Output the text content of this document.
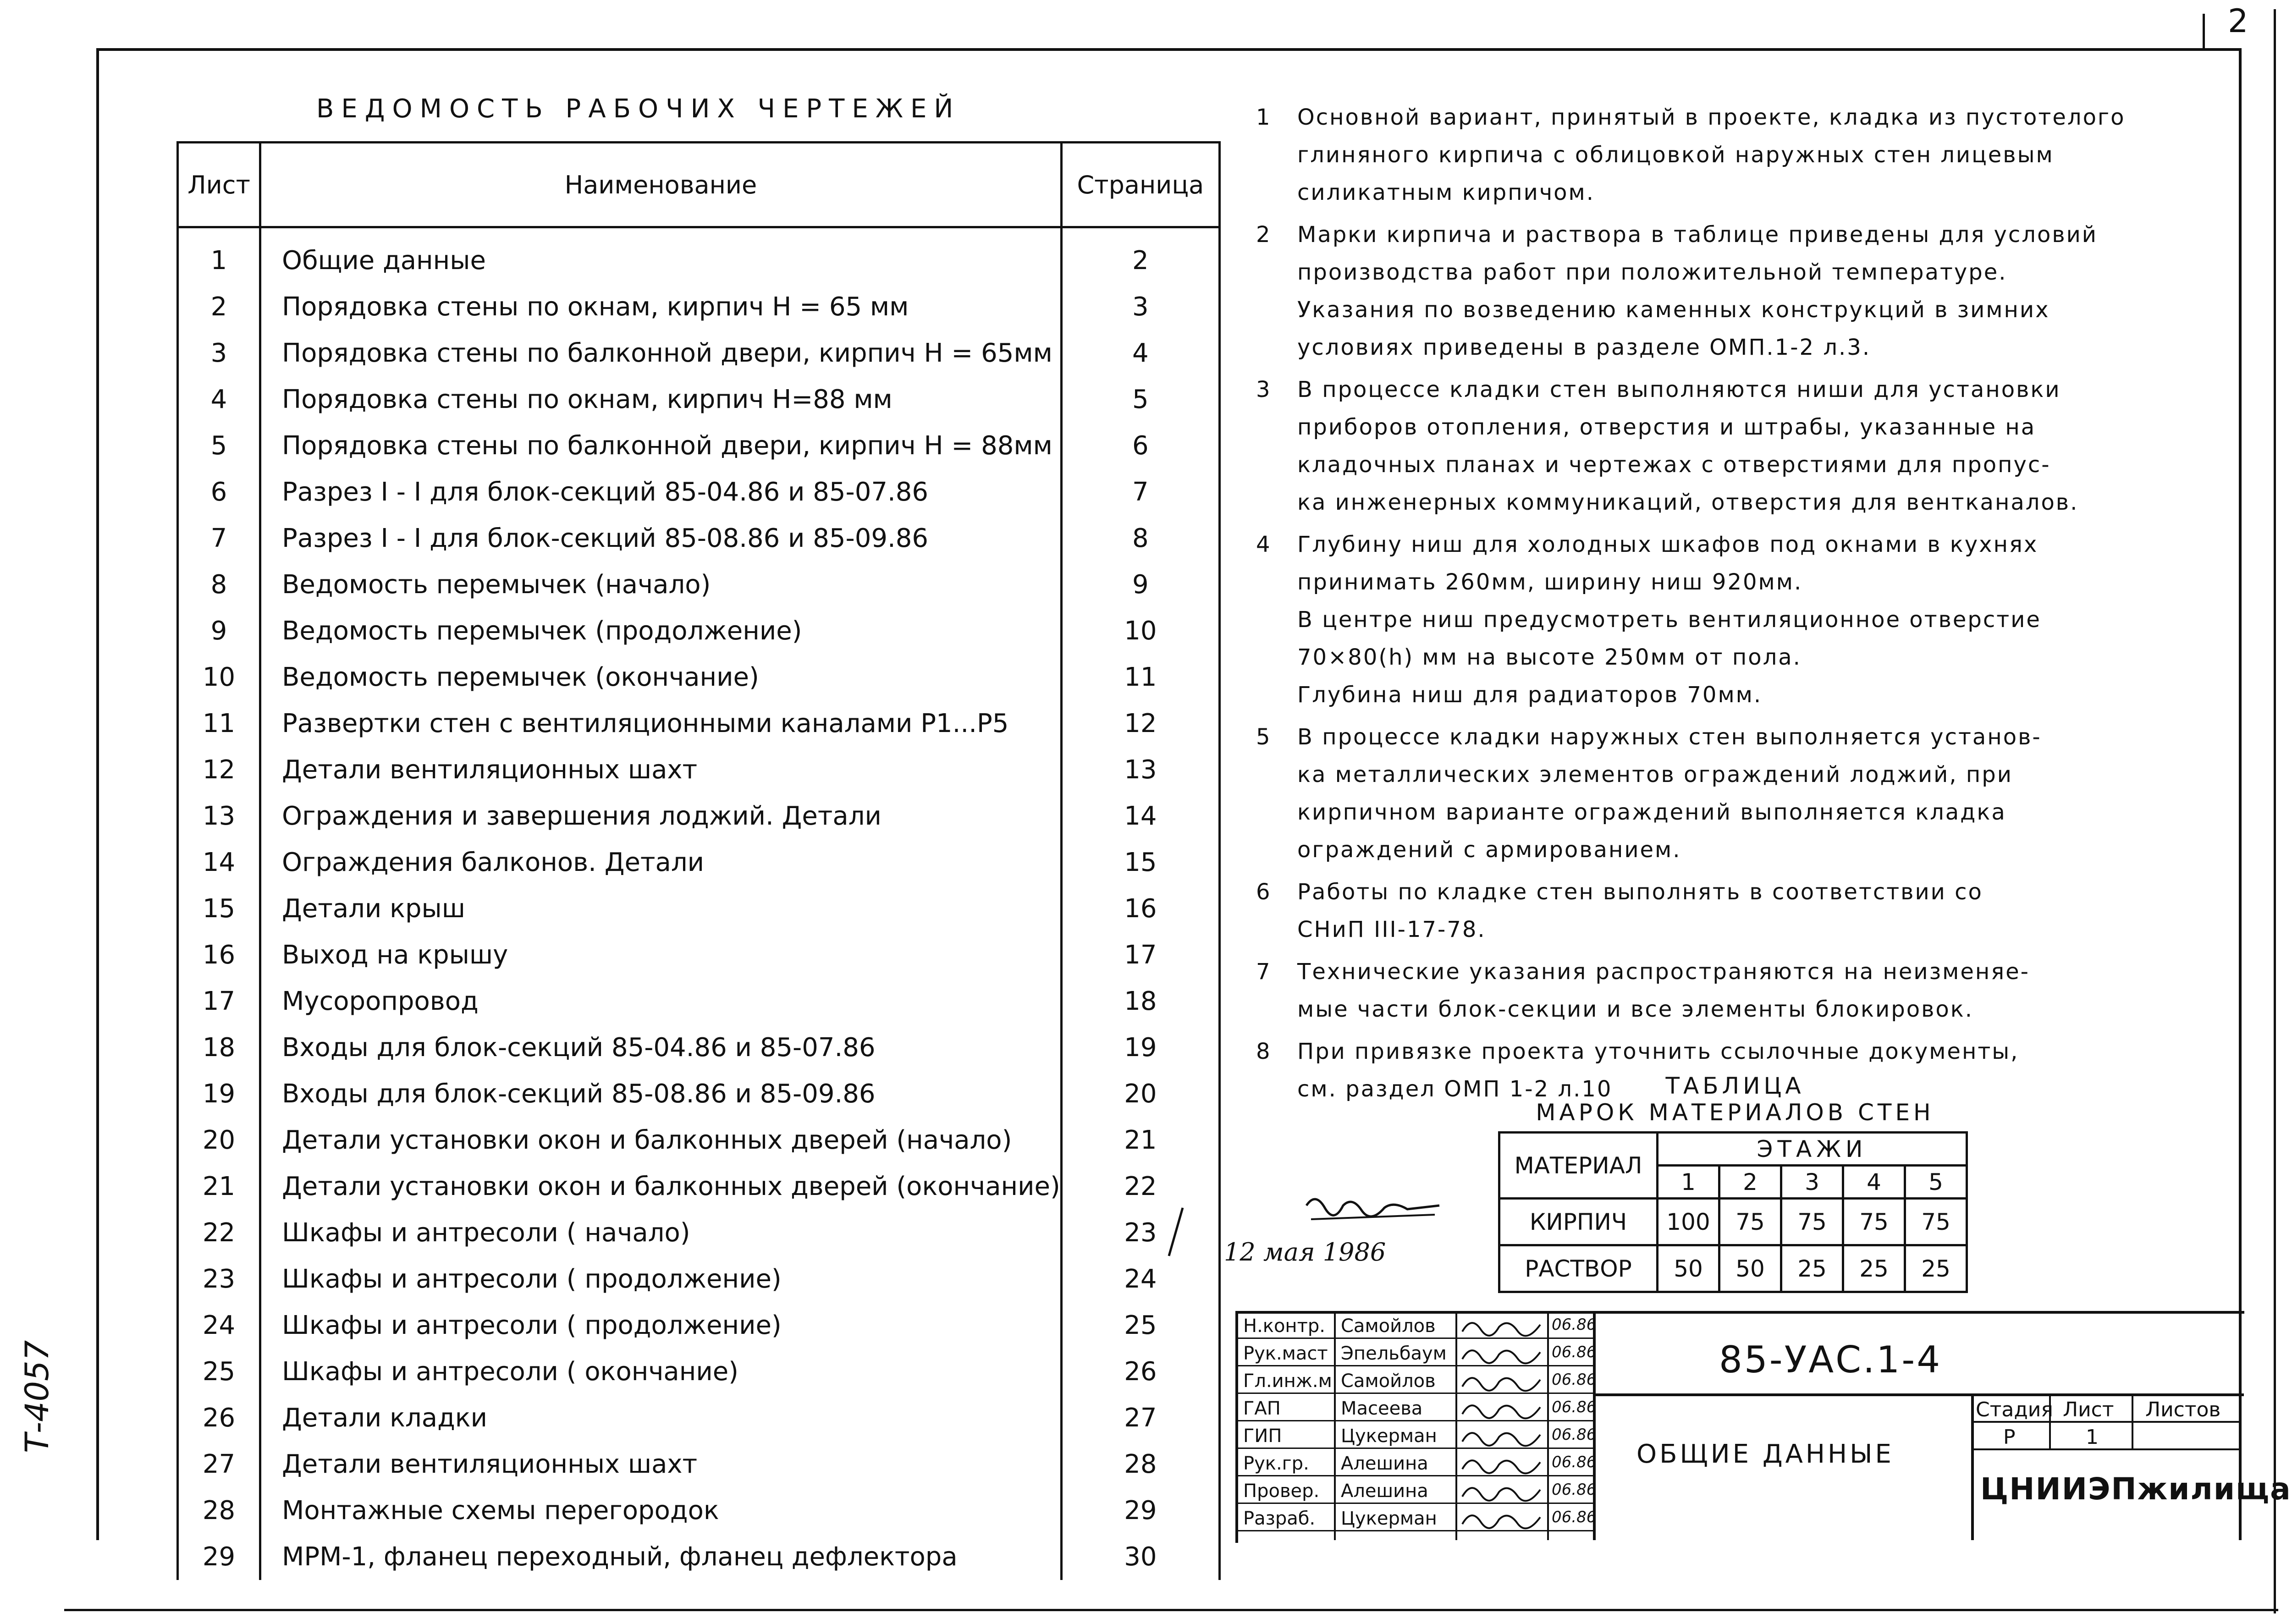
2
Т-4057
ВЕДОМОСТЬ РАБОЧИХ ЧЕРТЕЖЕЙ
Лист	Наименование	Страница
1	Общие данные	2
2	Порядовка стены по окнам, кирпич Н = 65 мм	3
3	Порядовка стены по балконной двери, кирпич Н = 65мм	4
4	Порядовка стены по окнам, кирпич Н=88 мм	5
5	Порядовка стены по балконной двери, кирпич Н = 88мм	6
6	Разрез I - I для блок-секций 85-04.86 и 85-07.86	7
7	Разрез I - I для блок-секций 85-08.86 и 85-09.86	8
8	Ведомость перемычек (начало)	9
9	Ведомость перемычек (продолжение)	10
10	Ведомость перемычек (окончание)	11
11	Развертки стен с вентиляционными каналами Р1...Р5	12
12	Детали вентиляционных шахт	13
13	Ограждения и завершения лоджий. Детали	14
14	Ограждения балконов. Детали	15
15	Детали крыш	16
16	Выход на крышу	17
17	Мусоропровод	18
18	Входы для блок-секций 85-04.86 и 85-07.86	19
19	Входы для блок-секций 85-08.86 и 85-09.86	20
20	Детали установки окон и балконных дверей (начало)	21
21	Детали установки окон и балконных дверей (окончание)	22
22	Шкафы и антресоли ( начало)	23
23	Шкафы и антресоли ( продолжение)	24
24	Шкафы и антресоли ( продолжение)	25
25	Шкафы и антресоли ( окончание)	26
26	Детали кладки	27
27	Детали вентиляционных шахт	28
28	Монтажные схемы перегородок	29
29	МРМ-1, фланец переходный, фланец дефлектора	30
1 Основной вариант, принятый в проекте, кладка из пустотелого

глиняного кирпича с облицовкой наружных стен лицевым

силикатным кирпичом.

2 Марки кирпича и раствора в таблице приведены для условий

производства работ при положительной температуре.

Указания по возведению каменных конструкций в зимних

условиях приведены в разделе ОМП.1-2 л.3.

3 В процессе кладки стен выполняются ниши для установки

приборов отопления, отверстия и штрабы, указанные на

кладочных планах и чертежах с отверстиями для пропус-

ка инженерных коммуникаций, отверстия для вентканалов.

4 Глубину ниш для холодных шкафов под окнами в кухнях

принимать 260мм, ширину ниш 920мм.

В центре ниш предусмотреть вентиляционное отверстие

70×80(h) мм на высоте 250мм от пола.

Глубина ниш для радиаторов 70мм.

5 В процессе кладки наружных стен выполняется установ-

ка металлических элементов ограждений лоджий, при

кирпичном варианте ограждений выполняется кладка

ограждений с армированием.

6 Работы по кладке стен выполнять в соответствии со

СНиП III-17-78.

7 Технические указания распространяются на неизменяе-

мые части блок-секции и все элементы блокировок.

8 При привязке проекта уточнить ссылочные документы,

см. раздел ОМП 1-2 л.10	ТАБЛИЦА
МАРОК МАТЕРИАЛОВ СТЕН
МАТЕРИАЛ	ЭТАЖИ				
	1	2	3	4	5
КИРПИЧ	100	75	75	75	75
РАСТВОР	50	50	25	25	25
12 мая 1986
Н.контр. Самойлов	06.86
Рук.маст Эпельбаум	06.86
Гл.инж.м Самойлов	06.86
ГАП	Масеева	06.86
ГИП	Цукерман	06.86
Рук.гр. Алешина	06.86
Провер. Алешина	06.86
Разраб. Цукерман	06.86
Стадия Лист Листов
Р	1
85-УАС.1-4
ОБЩИЕ ДАННЫЕ
ЦНИИЭПжилища
